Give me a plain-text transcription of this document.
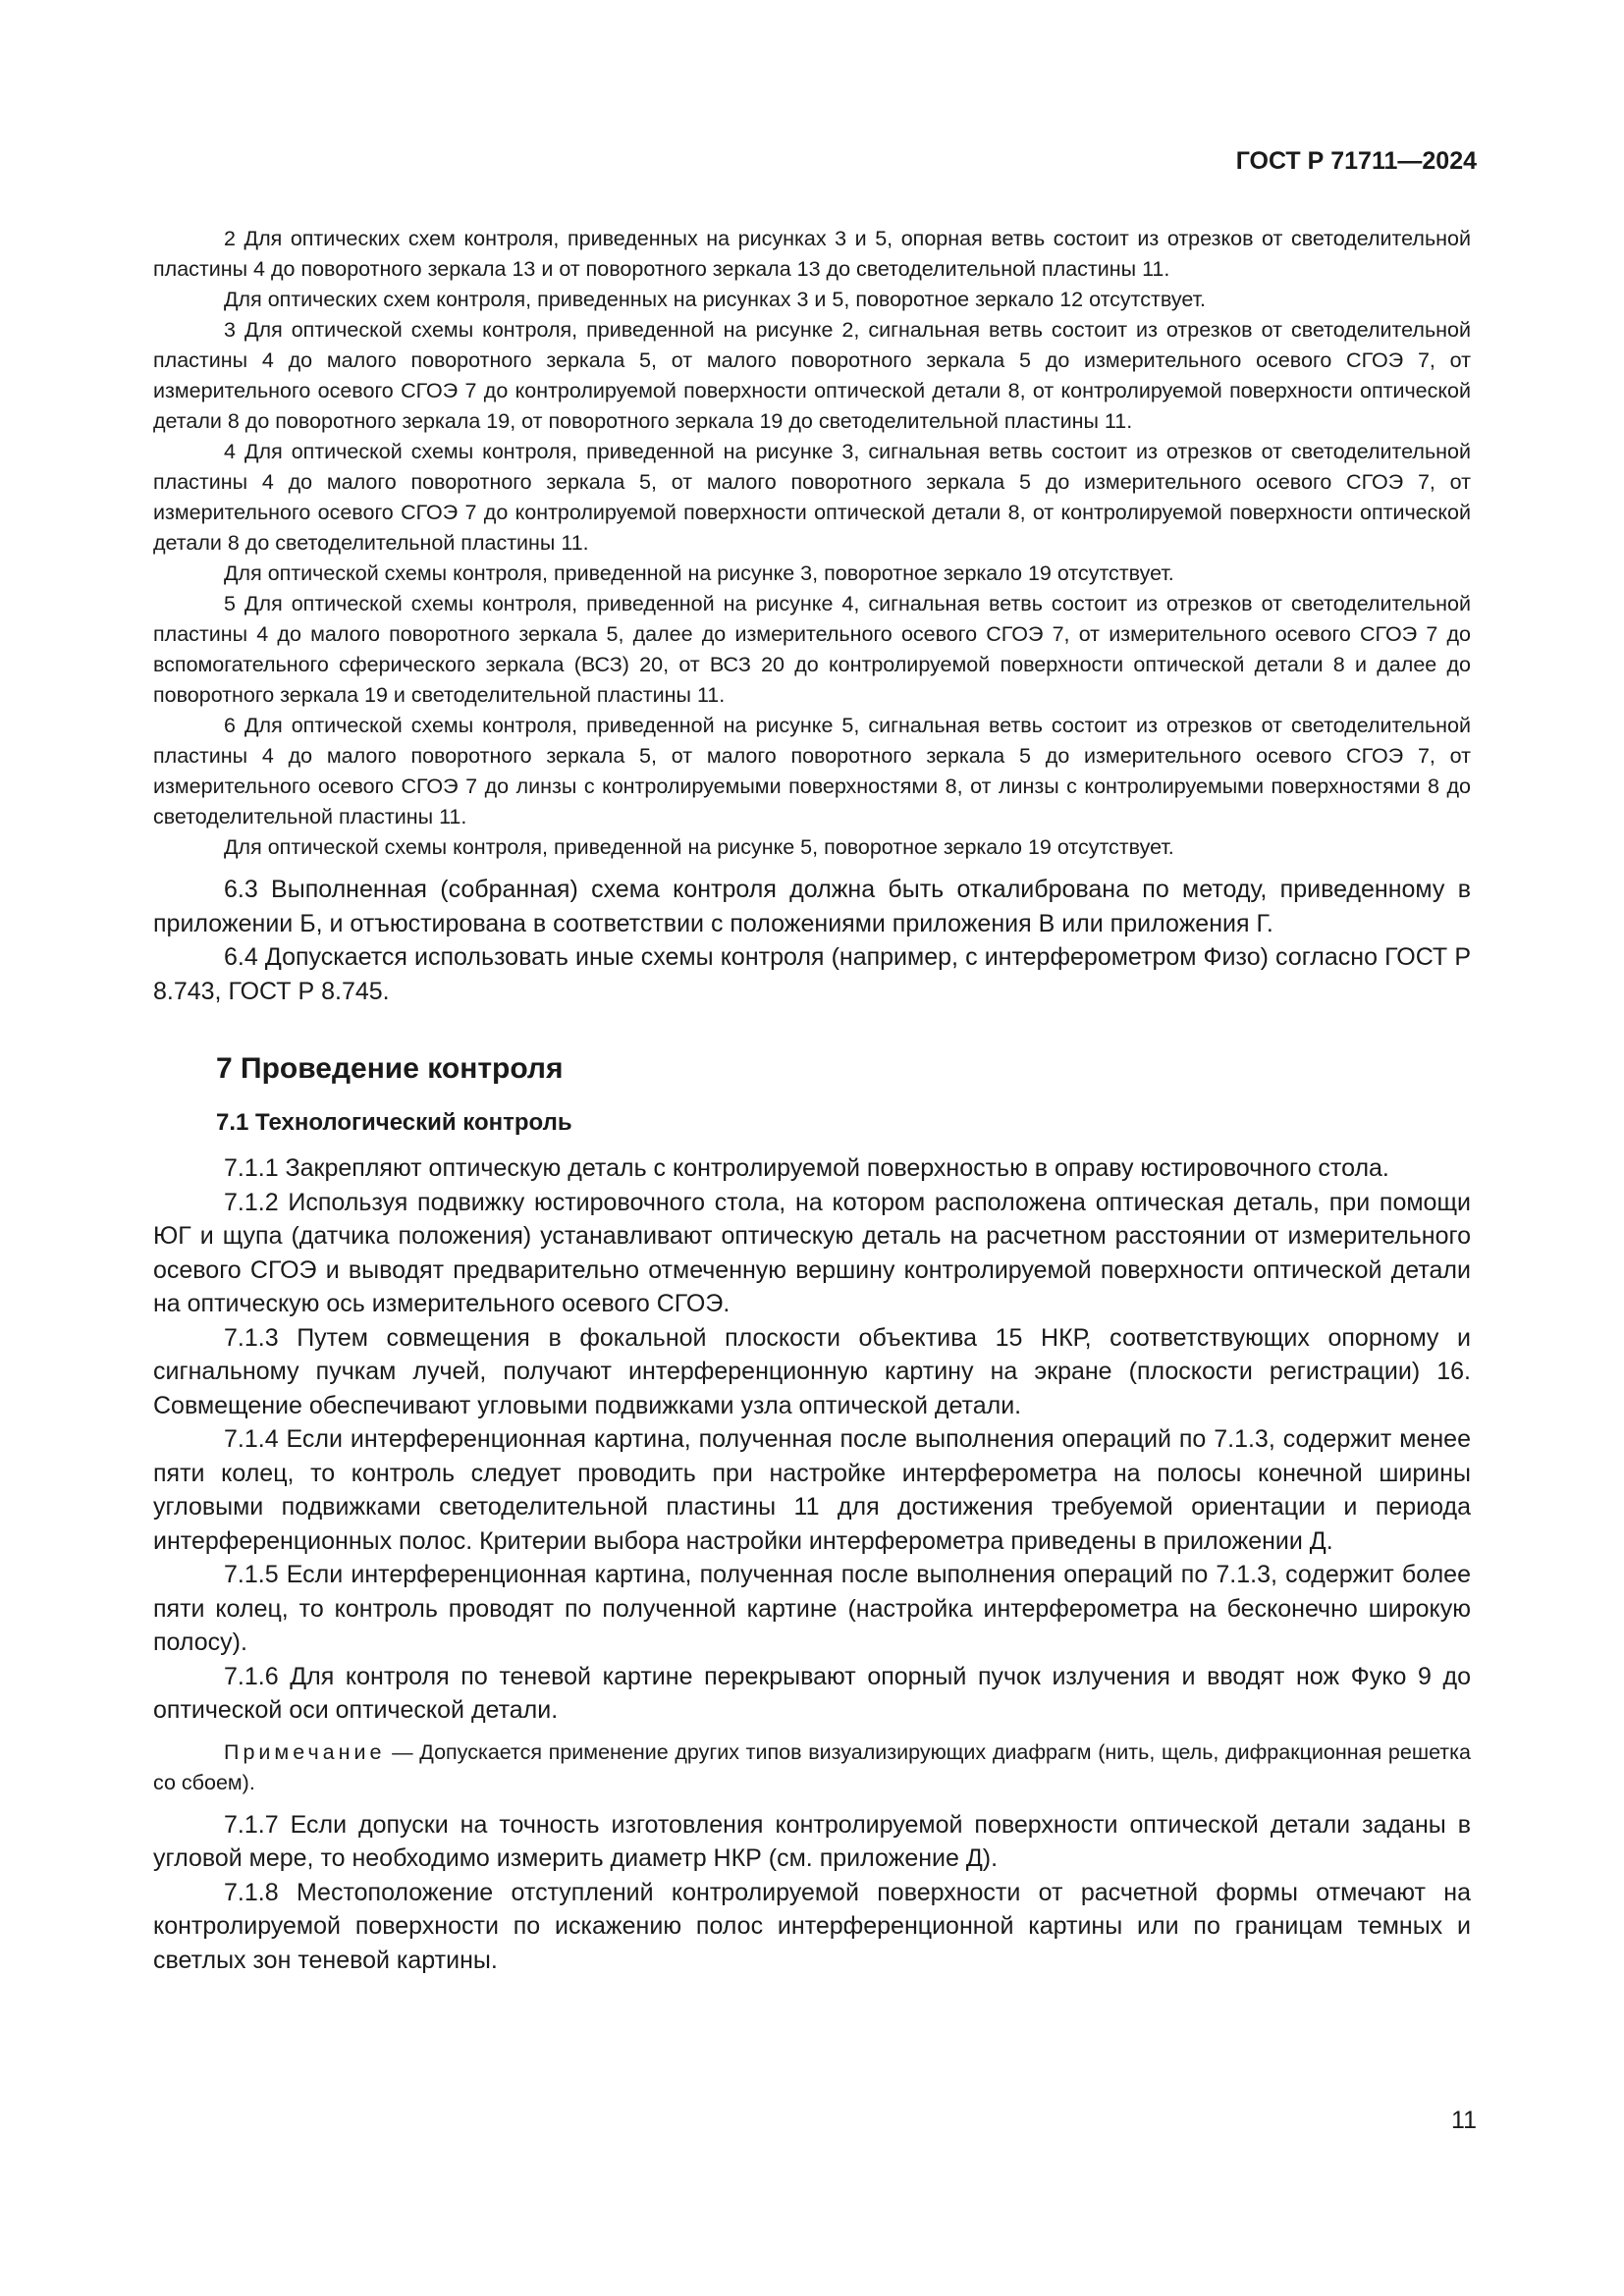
ГОСТ Р 71711—2024

2 Для оптических схем контроля, приведенных на рисунках 3 и 5, опорная ветвь состоит из отрезков от светоделительной пластины 4 до поворотного зеркала 13 и от поворотного зеркала 13 до светоделительной пластины 11.

Для оптических схем контроля, приведенных на рисунках 3 и 5, поворотное зеркало 12 отсутствует.

3 Для оптической схемы контроля, приведенной на рисунке 2, сигнальная ветвь состоит из отрезков от светоделительной пластины 4 до малого поворотного зеркала 5, от малого поворотного зеркала 5 до измерительного осевого СГОЭ 7, от измерительного осевого СГОЭ 7 до контролируемой поверхности оптической детали 8, от контролируемой поверхности оптической детали 8 до поворотного зеркала 19, от поворотного зеркала 19 до светоделительной пластины 11.

4 Для оптической схемы контроля, приведенной на рисунке 3, сигнальная ветвь состоит из отрезков от светоделительной пластины 4 до малого поворотного зеркала 5, от малого поворотного зеркала 5 до измерительного осевого СГОЭ 7, от измерительного осевого СГОЭ 7 до контролируемой поверхности оптической детали 8, от контролируемой поверхности оптической детали 8 до светоделительной пластины 11.

Для оптической схемы контроля, приведенной на рисунке 3, поворотное зеркало 19 отсутствует.

5 Для оптической схемы контроля, приведенной на рисунке 4, сигнальная ветвь состоит из отрезков от светоделительной пластины 4 до малого поворотного зеркала 5, далее до измерительного осевого СГОЭ 7, от измерительного осевого СГОЭ 7 до вспомогательного сферического зеркала (ВСЗ) 20, от ВСЗ 20 до контролируемой поверхности оптической детали 8 и далее до поворотного зеркала 19 и светоделительной пластины 11.

6 Для оптической схемы контроля, приведенной на рисунке 5, сигнальная ветвь состоит из отрезков от светоделительной пластины 4 до малого поворотного зеркала 5, от малого поворотного зеркала 5 до измерительного осевого СГОЭ 7, от измерительного осевого СГОЭ 7 до линзы с контролируемыми поверхностями 8, от линзы с контролируемыми поверхностями 8 до светоделительной пластины 11.

Для оптической схемы контроля, приведенной на рисунке 5, поворотное зеркало 19 отсутствует.

6.3 Выполненная (собранная) схема контроля должна быть откалибрована по методу, приведенному в приложении Б, и отъюстирована в соответствии с положениями приложения В или приложения Г.

6.4 Допускается использовать иные схемы контроля (например, с интерферометром Физо) согласно ГОСТ Р 8.743, ГОСТ Р 8.745.

7 Проведение контроля
7.1 Технологический контроль

7.1.1 Закрепляют оптическую деталь с контролируемой поверхностью в оправу юстировочного стола.

7.1.2 Используя подвижку юстировочного стола, на котором расположена оптическая деталь, при помощи ЮГ и щупа (датчика положения) устанавливают оптическую деталь на расчетном расстоянии от измерительного осевого СГОЭ и выводят предварительно отмеченную вершину контролируемой поверхности оптической детали на оптическую ось измерительного осевого СГОЭ.

7.1.3 Путем совмещения в фокальной плоскости объектива 15 НКР, соответствующих опорному и сигнальному пучкам лучей, получают интерференционную картину на экране (плоскости регистрации) 16. Совмещение обеспечивают угловыми подвижками узла оптической детали.

7.1.4 Если интерференционная картина, полученная после выполнения операций по 7.1.3, содержит менее пяти колец, то контроль следует проводить при настройке интерферометра на полосы конечной ширины угловыми подвижками светоделительной пластины 11 для достижения требуемой ориентации и периода интерференционных полос. Критерии выбора настройки интерферометра приведены в приложении Д.

7.1.5 Если интерференционная картина, полученная после выполнения операций по 7.1.3, содержит более пяти колец, то контроль проводят по полученной картине (настройка интерферометра на бесконечно широкую полосу).

7.1.6 Для контроля по теневой картине перекрывают опорный пучок излучения и вводят нож Фуко 9 до оптической оси оптической детали.

Примечание — Допускается применение других типов визуализирующих диафрагм (нить, щель, дифракционная решетка со сбоем).

7.1.7 Если допуски на точность изготовления контролируемой поверхности оптической детали заданы в угловой мере, то необходимо измерить диаметр НКР (см. приложение Д).

7.1.8 Местоположение отступлений контролируемой поверхности от расчетной формы отмечают на контролируемой поверхности по искажению полос интерференционной картины или по границам темных и светлых зон теневой картины.

11
